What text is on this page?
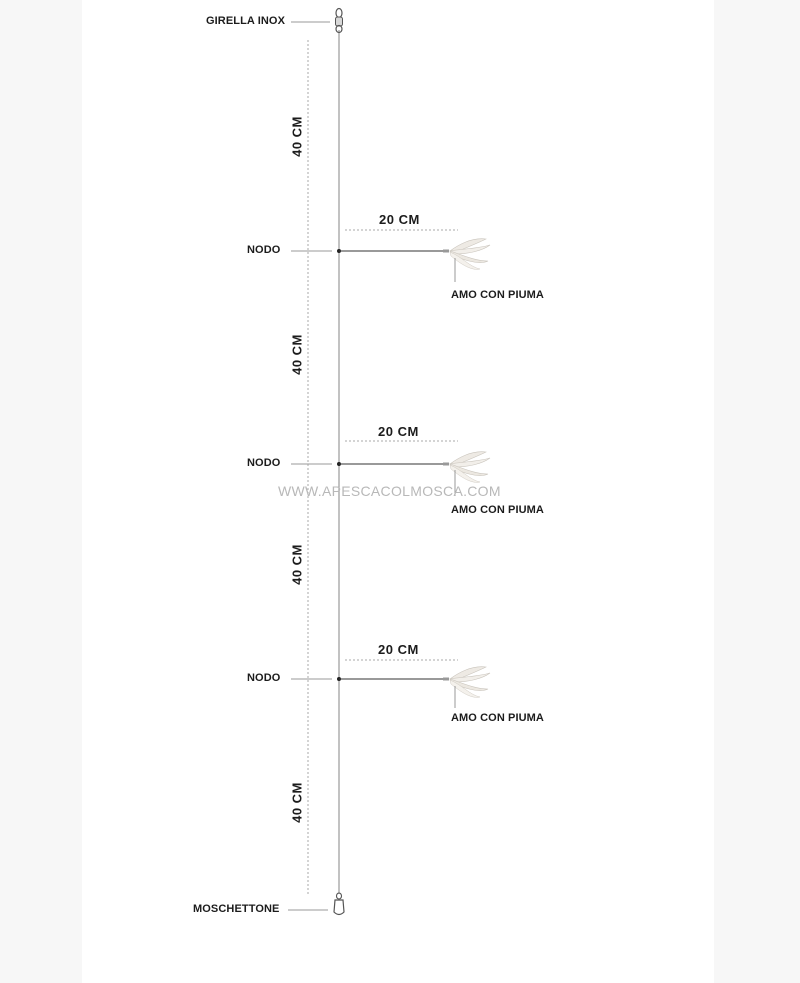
GIRELLA INOX
NODO
NODO
NODO
MOSCHETTONE
AMO CON PIUMA
AMO CON PIUMA
AMO CON PIUMA
20 CM
20 CM
20 CM
40 CM
40 CM
40 CM
40 CM
WWW.APESCACOLMOSCA.COM
